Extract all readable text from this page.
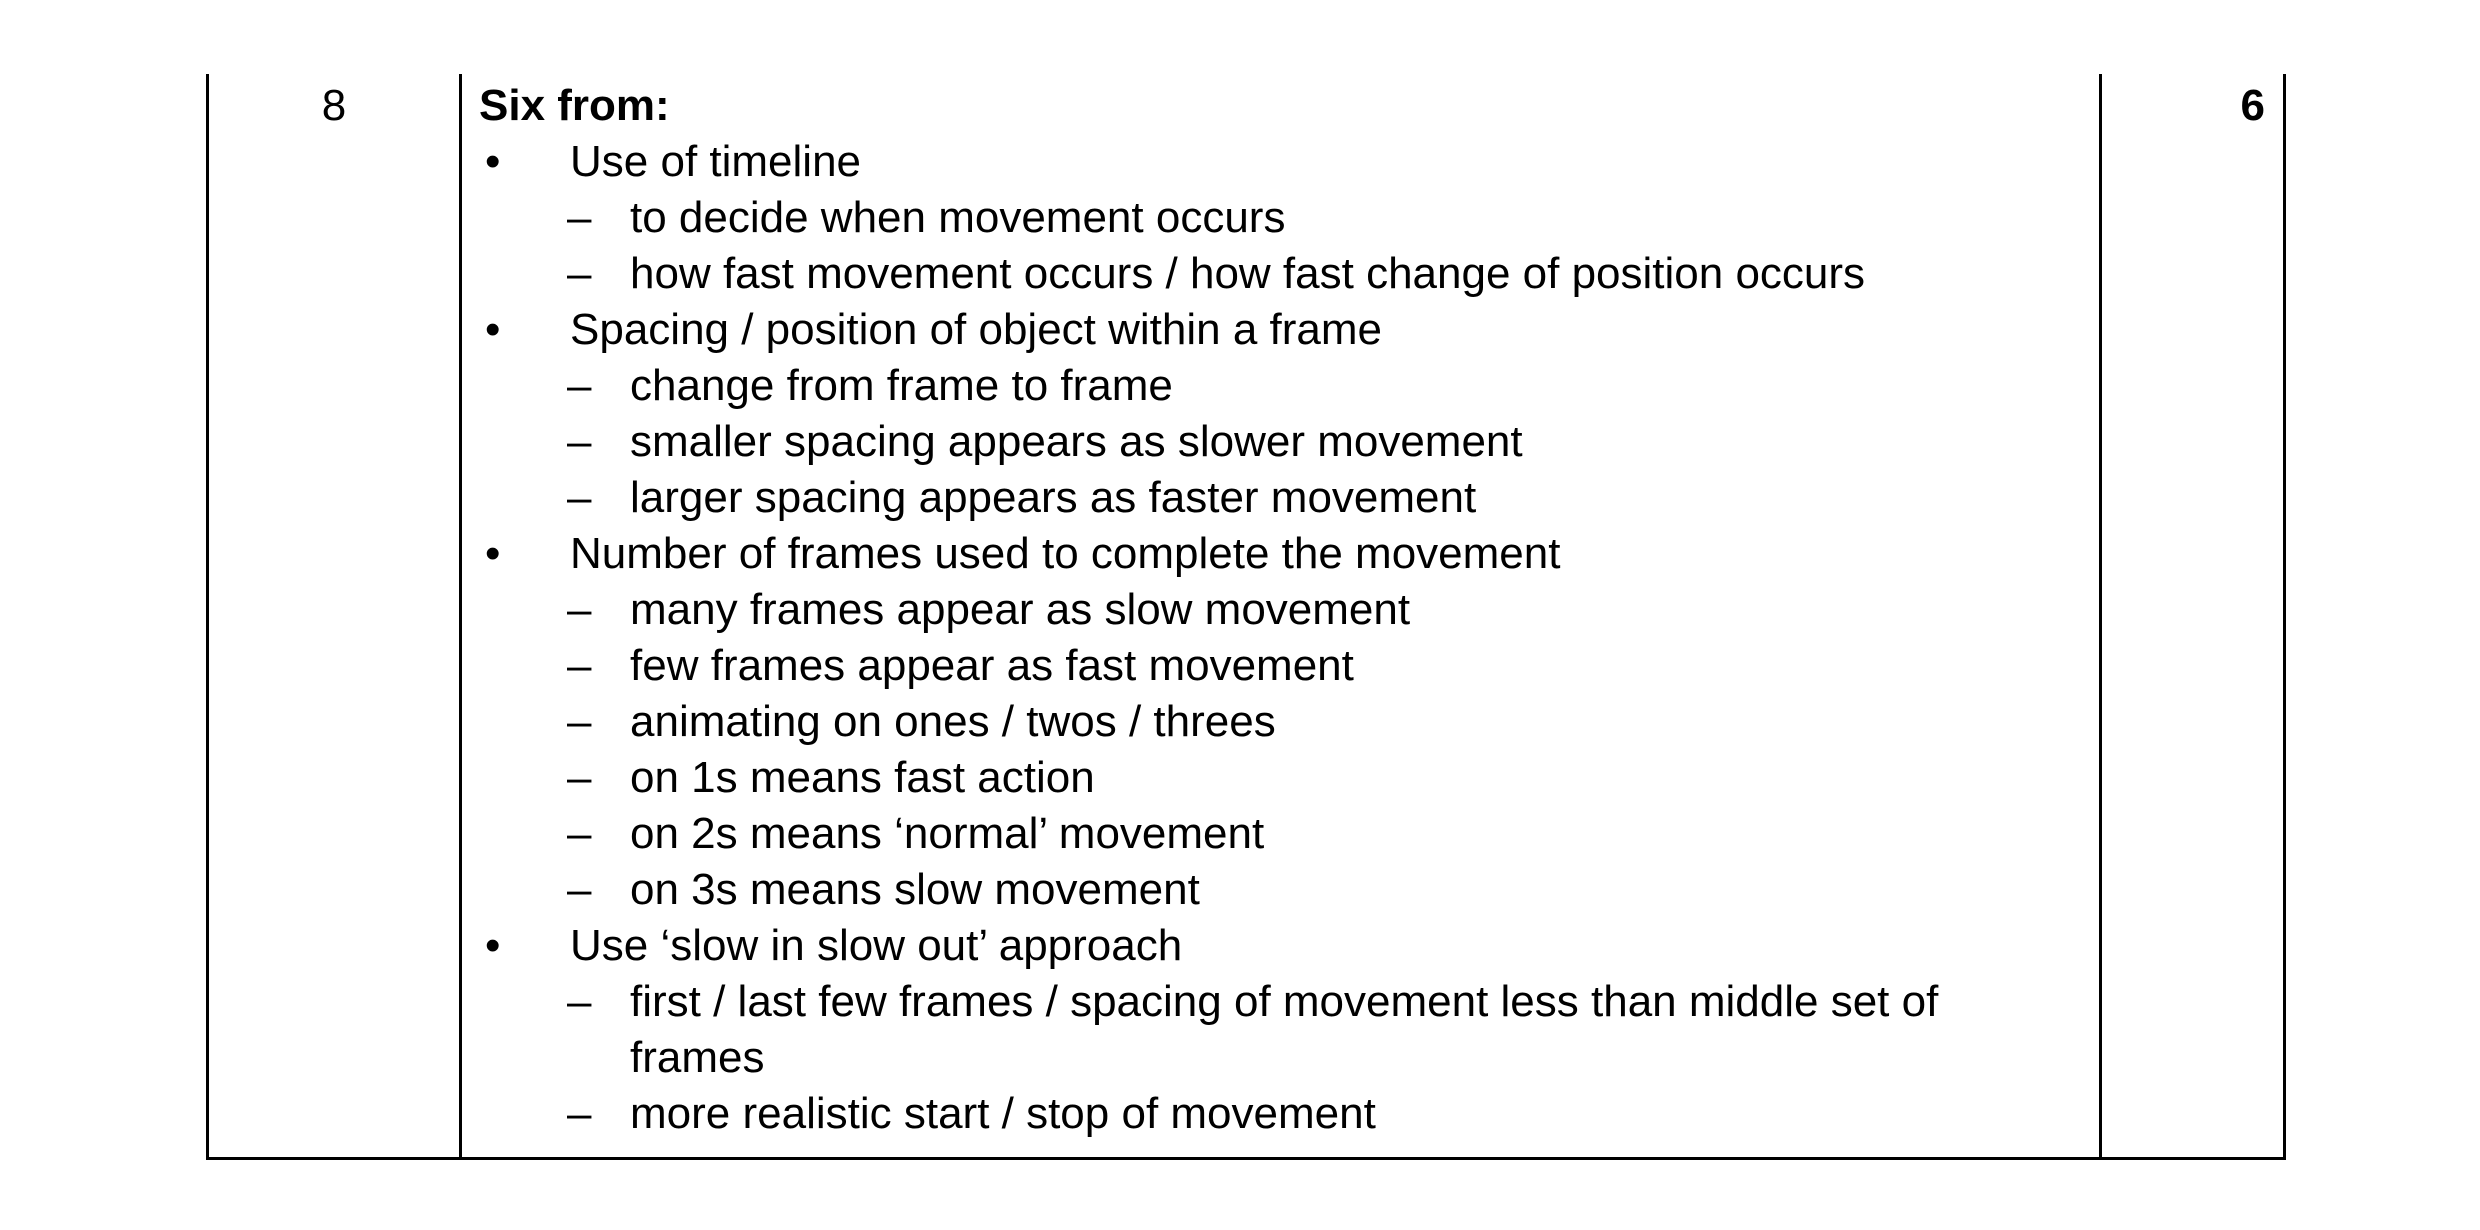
8	Six from:
• Use of timeline
– to decide when movement occurs
– how fast movement occurs / how fast change of position occurs
• Spacing / position of object within a frame
– change from frame to frame
– smaller spacing appears as slower movement
– larger spacing appears as faster movement
• Number of frames used to complete the movement
– many frames appear as slow movement
– few frames appear as fast movement
– animating on ones / twos / threes
– on 1s means fast action
– on 2s means ‘normal’ movement
– on 3s means slow movement
• Use ‘slow in slow out’ approach
– first / last few frames / spacing of movement less than middle set of frames
– more realistic start / stop of movement
6
